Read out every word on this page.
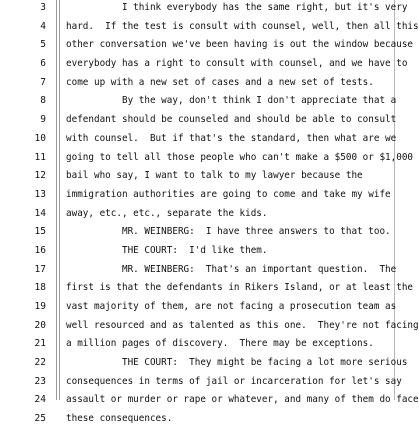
3 I think everybody has the same right, but it's very
4 hard.  If the test is consult with counsel, well, then all this
5 other conversation we've been having is out the window because
6 everybody has a right to consult with counsel, and we have to
7 come up with a new set of cases and a new set of tests.
8 By the way, don't think I don't appreciate that a
9 defendant should be counseled and should be able to consult
10 with counsel.  But if that's the standard, then what are we
11 going to tell all those people who can't make a $500 or $1,000
12 bail who say, I want to talk to my lawyer because the
13 immigration authorities are going to come and take my wife
14 away, etc., etc., separate the kids.
15 MR. WEINBERG:  I have three answers to that too.
16 THE COURT:  I'd like them.
17 MR. WEINBERG:  That's an important question.  The
18 first is that the defendants in Rikers Island, or at least the
19 vast majority of them, are not facing a prosecution team as
20 well resourced and as talented as this one.  They're not facing
21 a million pages of discovery.  There may be exceptions.
22 THE COURT:  They might be facing a lot more serious
23 consequences in terms of jail or incarceration for let's say
24 assault or murder or rape or whatever, and many of them do face
25 these consequences.
